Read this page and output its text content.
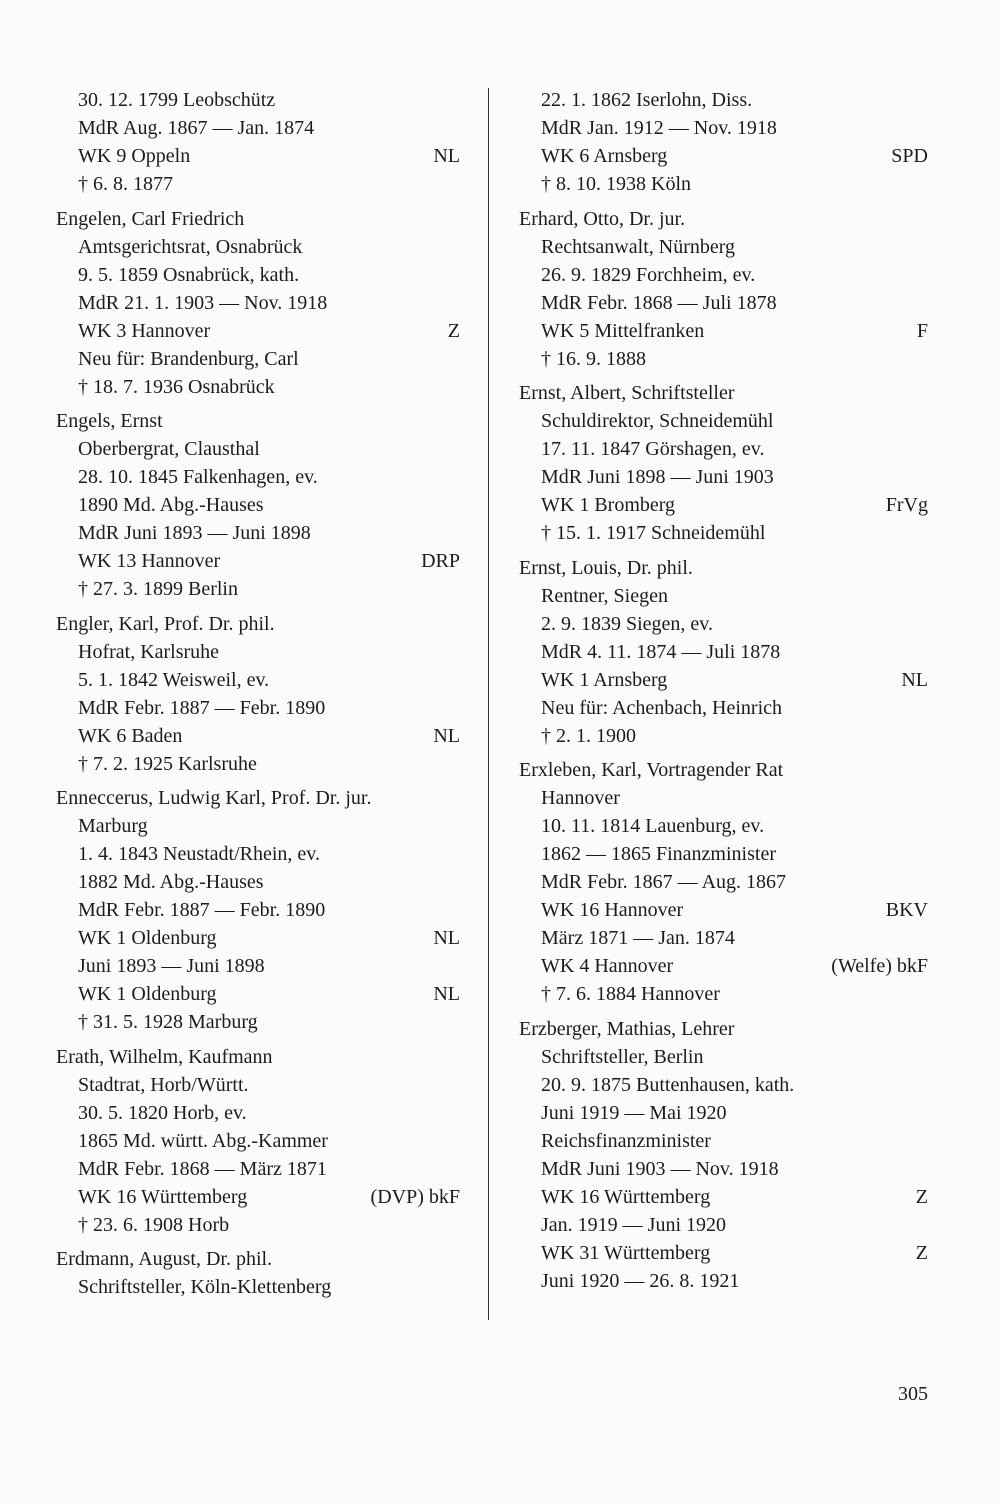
30. 12. 1799 Leobschütz
MdR Aug. 1867 — Jan. 1874
WK 9 Oppeln	NL
† 6. 8. 1877
Engelen, Carl Friedrich
Amtsgerichtsrat, Osnabrück
9. 5. 1859 Osnabrück, kath.
MdR 21. 1. 1903 — Nov. 1918
WK 3 Hannover	Z
Neu für: Brandenburg, Carl
† 18. 7. 1936 Osnabrück
Engels, Ernst
Oberbergrat, Clausthal
28. 10. 1845 Falkenhagen, ev.
1890 Md. Abg.-Hauses
MdR Juni 1893 — Juni 1898
WK 13 Hannover	DRP
† 27. 3. 1899 Berlin
Engler, Karl, Prof. Dr. phil.
Hofrat, Karlsruhe
5. 1. 1842 Weisweil, ev.
MdR Febr. 1887 — Febr. 1890
WK 6 Baden	NL
† 7. 2. 1925 Karlsruhe
Enneccerus, Ludwig Karl, Prof. Dr. jur.
Marburg
1. 4. 1843 Neustadt/Rhein, ev.
1882 Md. Abg.-Hauses
MdR Febr. 1887 — Febr. 1890
WK 1 Oldenburg	NL
Juni 1893 — Juni 1898
WK 1 Oldenburg	NL
† 31. 5. 1928 Marburg
Erath, Wilhelm, Kaufmann
Stadtrat, Horb/Württ.
30. 5. 1820 Horb, ev.
1865 Md. württ. Abg.-Kammer
MdR Febr. 1868 — März 1871
WK 16 Württemberg	(DVP) bkF
† 23. 6. 1908 Horb
Erdmann, August, Dr. phil.
Schriftsteller, Köln-Klettenberg
22. 1. 1862 Iserlohn, Diss.
MdR Jan. 1912 — Nov. 1918
WK 6 Arnsberg	SPD
† 8. 10. 1938 Köln
Erhard, Otto, Dr. jur.
Rechtsanwalt, Nürnberg
26. 9. 1829 Forchheim, ev.
MdR Febr. 1868 — Juli 1878
WK 5 Mittelfranken	F
† 16. 9. 1888
Ernst, Albert, Schriftsteller
Schuldirektor, Schneidemühl
17. 11. 1847 Görshagen, ev.
MdR Juni 1898 — Juni 1903
WK 1 Bromberg	FrVg
† 15. 1. 1917 Schneidemühl
Ernst, Louis, Dr. phil.
Rentner, Siegen
2. 9. 1839 Siegen, ev.
MdR 4. 11. 1874 — Juli 1878
WK 1 Arnsberg	NL
Neu für: Achenbach, Heinrich
† 2. 1. 1900
Erxleben, Karl, Vortragender Rat
Hannover
10. 11. 1814 Lauenburg, ev.
1862 — 1865 Finanzminister
MdR Febr. 1867 — Aug. 1867
WK 16 Hannover	BKV
März 1871 — Jan. 1874
WK 4 Hannover	(Welfe) bkF
† 7. 6. 1884 Hannover
Erzberger, Mathias, Lehrer
Schriftsteller, Berlin
20. 9. 1875 Buttenhausen, kath.
Juni 1919 — Mai 1920
Reichsfinanzminister
MdR Juni 1903 — Nov. 1918
WK 16 Württemberg	Z
Jan. 1919 — Juni 1920
WK 31 Württemberg	Z
Juni 1920 — 26. 8. 1921
305
